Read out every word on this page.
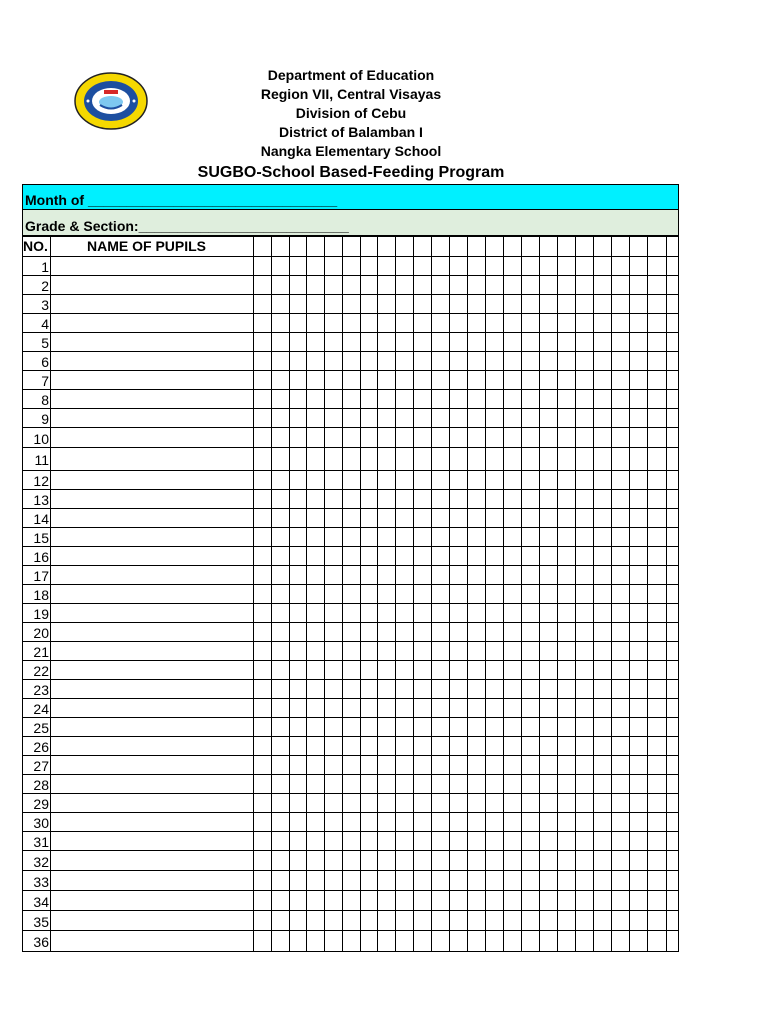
Department of Education
Region VII, Central Visayas
Division of Cebu
District of Balamban I
Nangka Elementary School
SUGBO-School Based-Feeding Program
Month of ________________________________
Grade & Section:___________________________
NO.	NAME OF PUPILS
1
2
3
4
5
6
7
8
9
10
11
12
13
14
15
16
17
18
19
20
21
22
23
24
25
26
27
28
29
30
31
32
33
34
35
36
